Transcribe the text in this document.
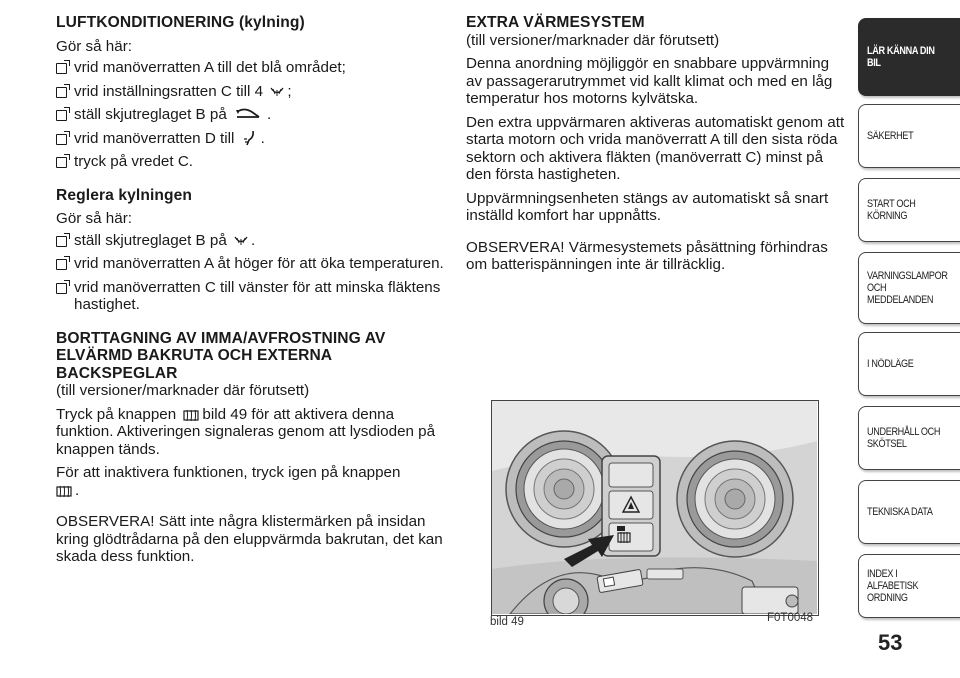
LUFTKONDITIONERING (kylning)

Gör så här:

vrid manöverratten A till det blå området;
vrid inställningsratten C till 4 ;
ställ skjutreglaget B på	.
vrid manöverratten D till .
tryck på vredet C.
Reglera kylningen

Gör så här:

ställ skjutreglaget B på .
vrid manöverratten A åt höger för att öka temperaturen.
vrid manöverratten C till vänster för att minska fläktens hastighet.
BORTTAGNING AV IMMA/AVFROSTNING AV ELVÄRMD BAKRUTA OCH EXTERNA BACKSPEGLAR

(till versioner/marknader där förutsett)

Tryck på knappen bild 49 för att aktivera denna funktion. Aktiveringen signaleras genom att lysdioden på knappen tänds.

För att inaktivera funktionen, tryck igen på knappen
.

OBSERVERA! Sätt inte några klistermärken på insidan kring glödtrådarna på den eluppvärmda bakrutan, det kan skada dess funktion.

EXTRA VÄRMESYSTEM

(till versioner/marknader där förutsett)

Denna anordning möjliggör en snabbare uppvärmning av passagerarutrymmet vid kallt klimat och med en låg temperatur hos motorns kylvätska.

Den extra uppvärmaren aktiveras automatiskt genom att starta motorn och vrida manöverratt A till den sista röda sektorn och aktivera fläkten (manöverratt C) minst på den första hastigheten.

Uppvärmningsenheten stängs av automatiskt så snart inställd komfort har uppnåtts.

OBSERVERA! Värmesystemets påsättning förhindras om batterispänningen inte är tillräcklig.

bild 49	F0T0048
LÄR KÄNNA DIN
BIL
SÄKERHET
START OCH
KÖRNING
VARNINGSLAMPOR
OCH
MEDDELANDEN
I NÖDLÄGE
UNDERHÅLL OCH
SKÖTSEL
TEKNISKA DATA
INDEX I ALFABETISK
ORDNING
53
